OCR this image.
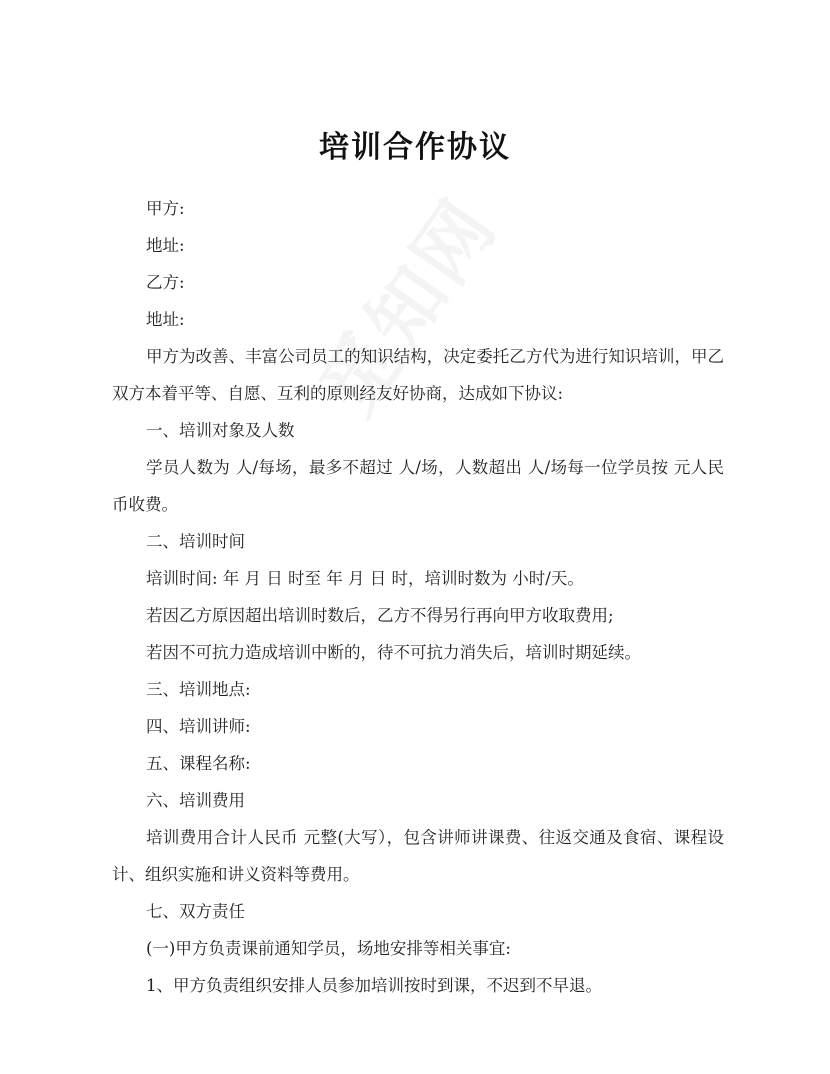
培训合作协议

甲方:

地址:

乙方:

地址:

甲方为改善、丰富公司员工的知识结构，决定委托乙方代为进行知识培训，甲乙双方本着平等、自愿、互利的原则经友好协商，达成如下协议:

一、培训对象及人数

学员人数为 人/每场，最多不超过 人/场，人数超出 人/场每一位学员按 元人民币收费。

二、培训时间

培训时间: 年 月 日 时至 年 月 日 时，培训时数为 小时/天。

若因乙方原因超出培训时数后，乙方不得另行再向甲方收取费用;

若因不可抗力造成培训中断的，待不可抗力消失后，培训时期延续。

三、培训地点:

四、培训讲师:

五、课程名称:

六、培训费用

培训费用合计人民币 元整(大写），包含讲师讲课费、往返交通及食宿、课程设计、组织实施和讲义资料等费用。

七、双方责任

(一)甲方负责课前通知学员，场地安排等相关事宜:

1、甲方负责组织安排人员参加培训按时到课，不迟到不早退。
